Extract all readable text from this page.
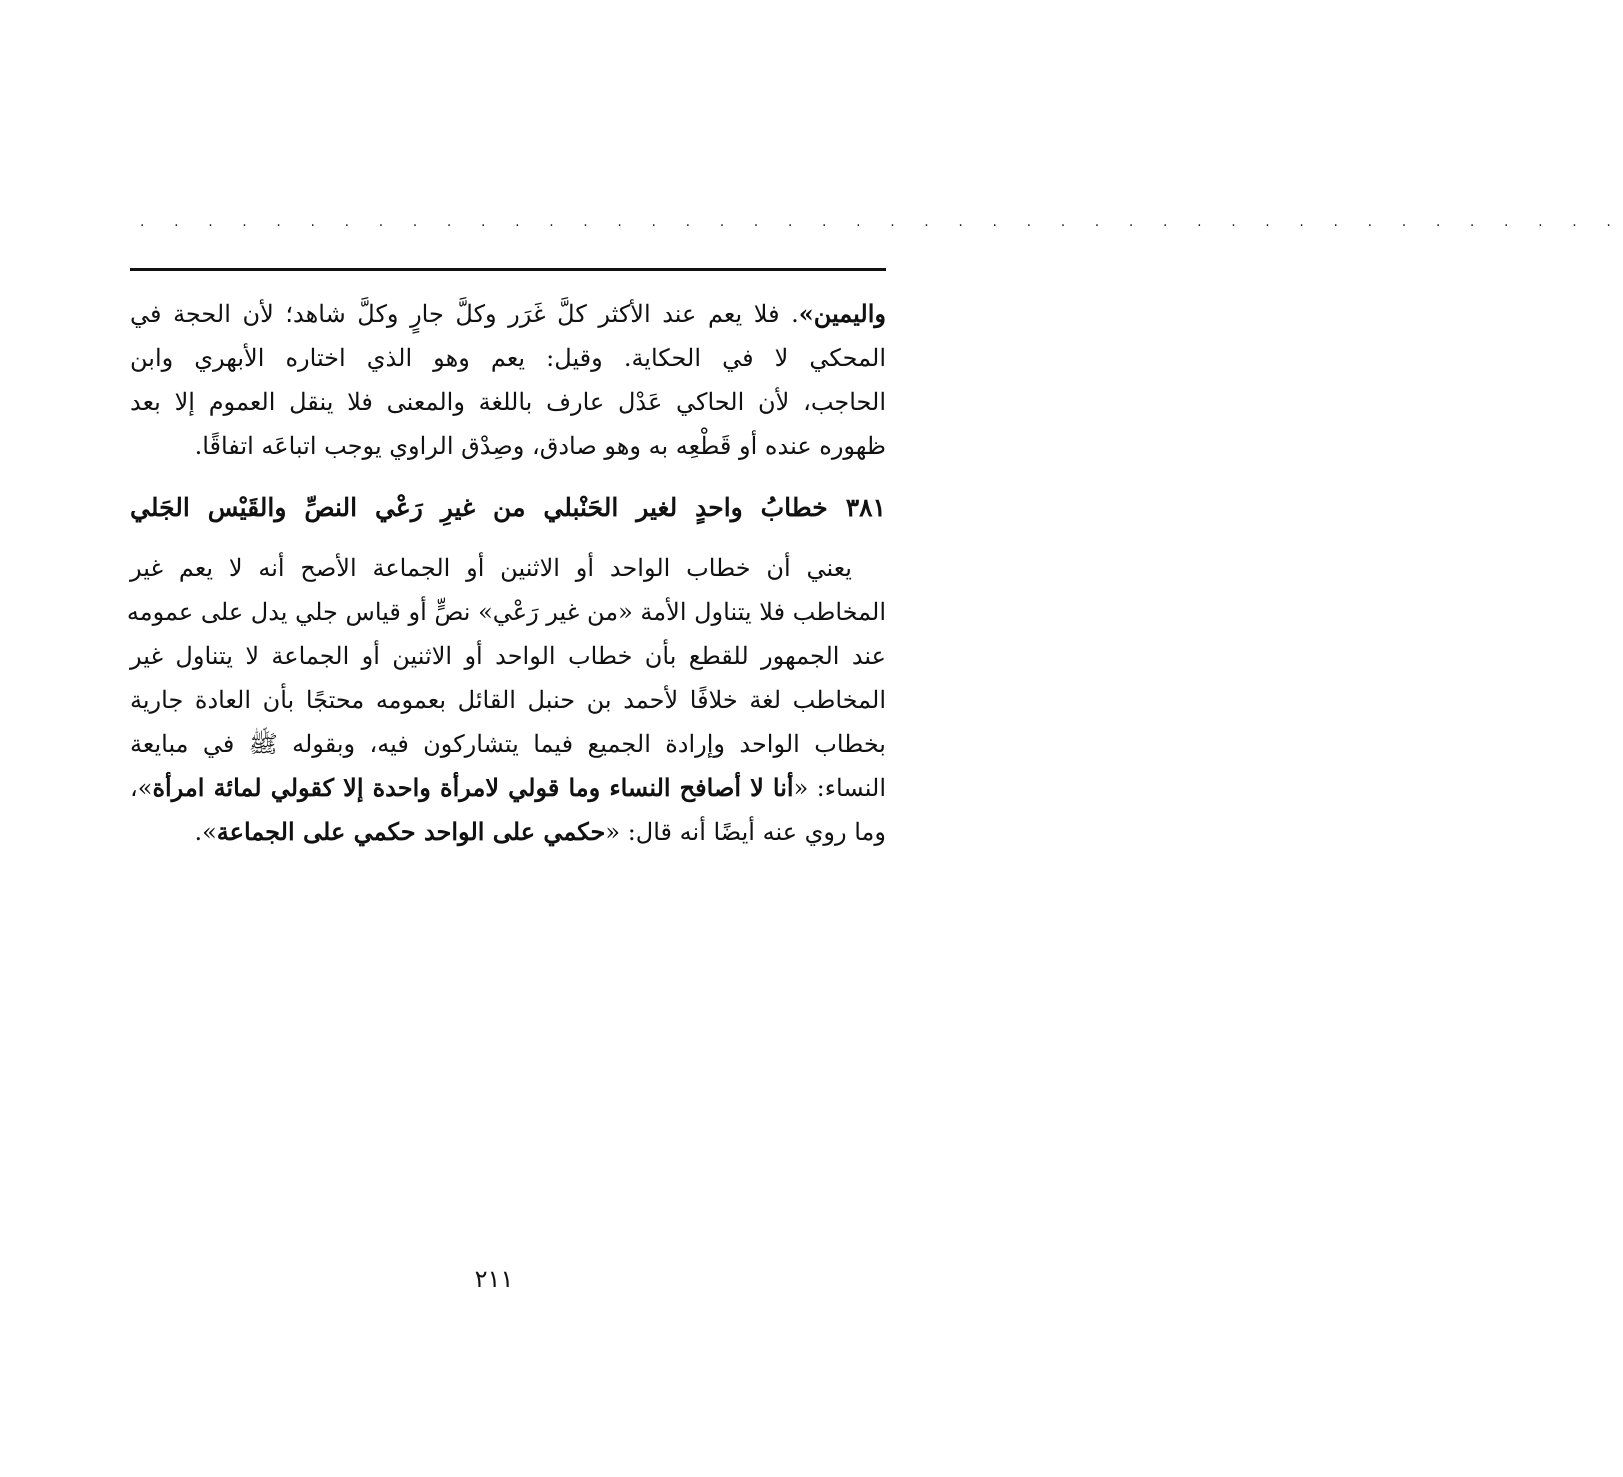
. . . . . . . . . . . . . . . . . . . . . . . . . . . . . . . . . . . . . . . . . . . .
واليمين». فلا يعم عند الأكثر كلَّ غَرَر وكلَّ جارٍ وكلَّ شاهد؛ لأن الحجة في
المحكي لا في الحكاية. وقيل: يعم وهو الذي اختاره الأبهري وابن
الحاجب، لأن الحاكي عَدْل عارف باللغة والمعنى فلا ينقل العموم إلا بعد
ظهوره عنده أو قَطْعِه به وهو صادق، وصِدْق الراوي يوجب اتباعَه اتفاقًا.
٣٨١ خطابُ واحدٍ لغير الحَنْبلي من غيرِ رَعْي النصِّ والقَيْس الجَلي
يعني أن خطاب الواحد أو الاثنين أو الجماعة الأصح أنه لا يعم غير
المخاطب فلا يتناول الأمة «من غير رَعْي» نصٍّ أو قياس جلي يدل على عمومه
عند الجمهور للقطع بأن خطاب الواحد أو الاثنين أو الجماعة لا يتناول غير
المخاطب لغة خلافًا لأحمد بن حنبل القائل بعمومه محتجًا بأن العادة جارية
بخطاب الواحد وإرادة الجميع فيما يتشاركون فيه، وبقوله ﷺ في مبايعة
النساء: «أنا لا أصافح النساء وما قولي لامرأة واحدة إلا كقولي لمائة امرأة»،
وما روي عنه أيضًا أنه قال: «حكمي على الواحد حكمي على الجماعة».
٢١١
